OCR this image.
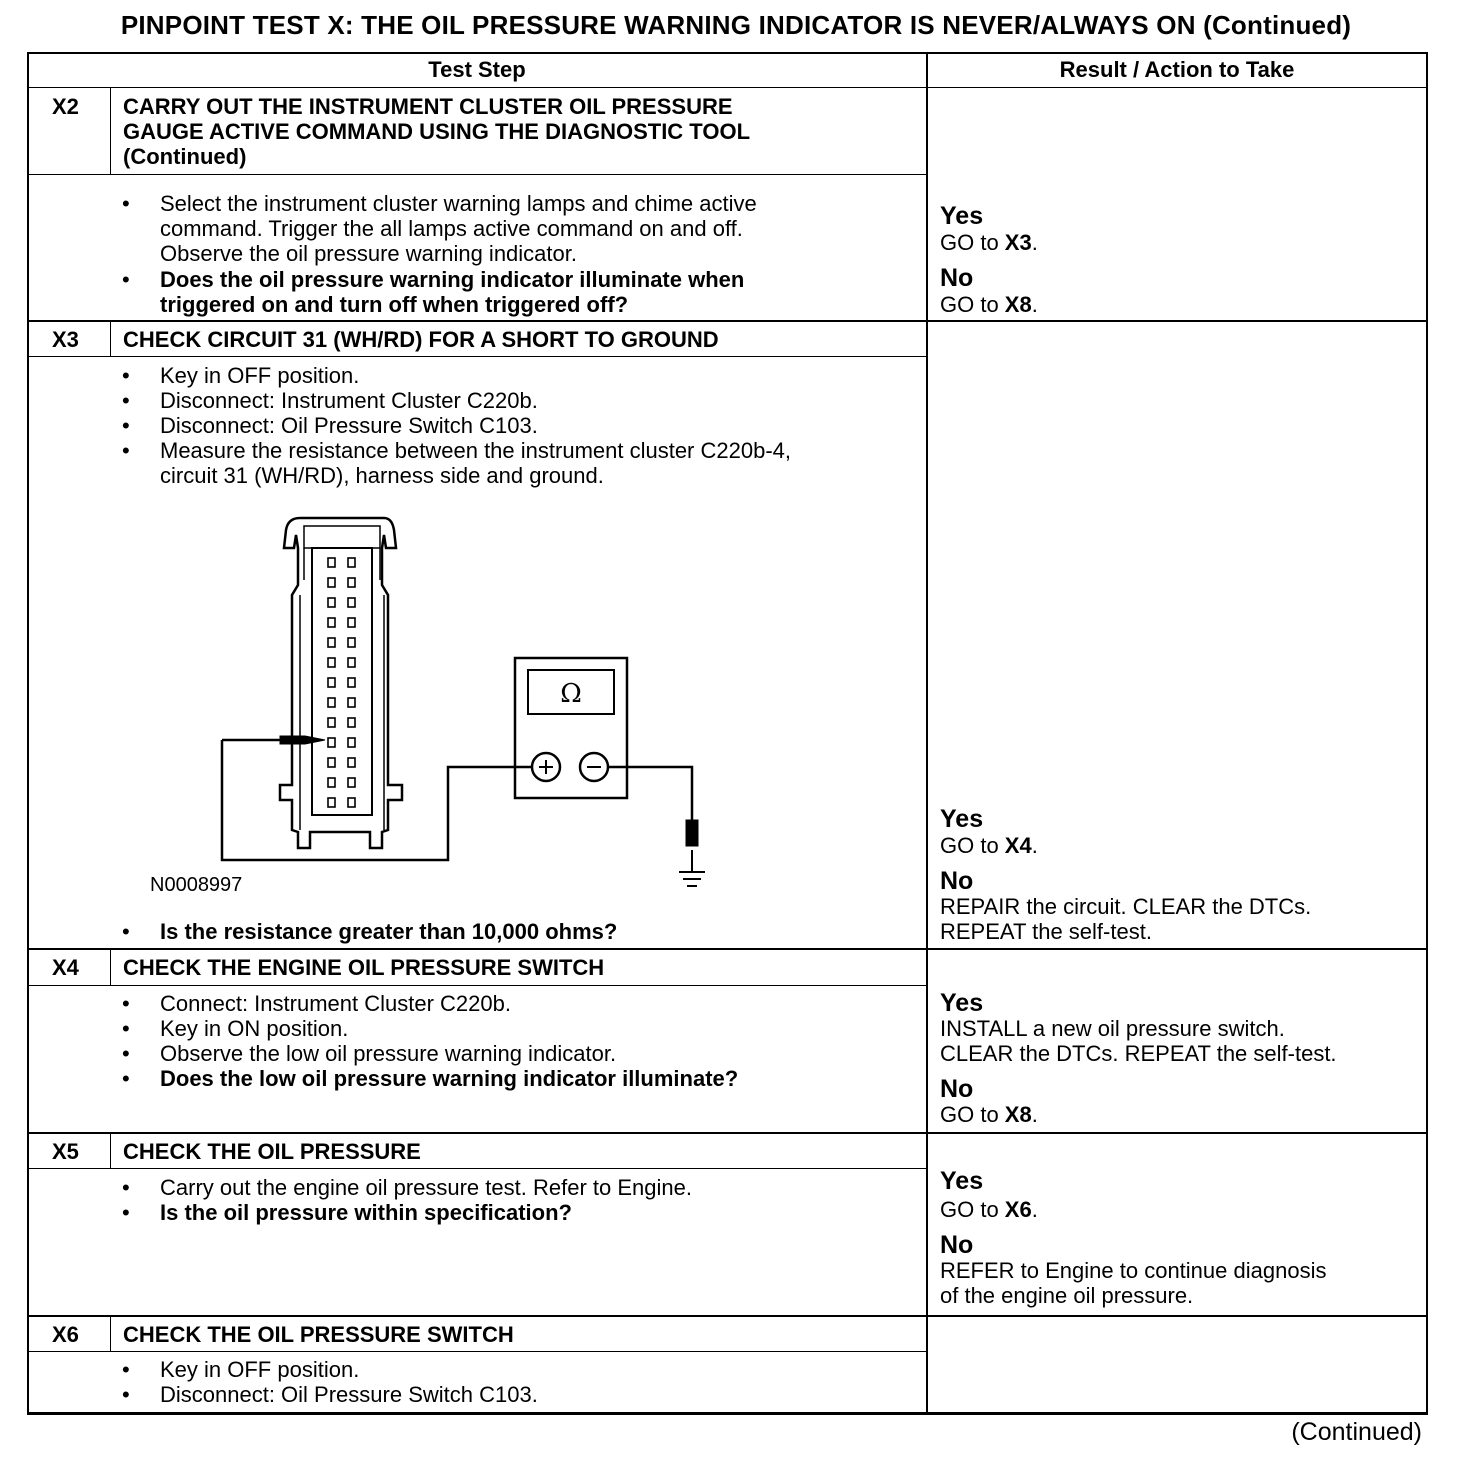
PINPOINT TEST X: THE OIL PRESSURE WARNING INDICATOR IS NEVER/ALWAYS ON (Continued)
Test Step	Result / Action to Take
X2 CARRY OUT THE INSTRUMENT CLUSTER OIL PRESSURE
GAUGE ACTIVE COMMAND USING THE DIAGNOSTIC TOOL
(Continued)
• Select the instrument cluster warning lamps and chime active
command. Trigger the all lamps active command on and off.
Observe the oil pressure warning indicator.
• Does the oil pressure warning indicator illuminate when
triggered on and turn off when triggered off?
Yes
GO to X3.
No
GO to X8.
X3 CHECK CIRCUIT 31 (WH/RD) FOR A SHORT TO GROUND
• Key in OFF position.
• Disconnect: Instrument Cluster C220b.
• Disconnect: Oil Pressure Switch C103.
• Measure the resistance between the instrument cluster C220b-4,
circuit 31 (WH/RD), harness side and ground.
Ω
N0008997
• Is the resistance greater than 10,000 ohms?
Yes
GO to X4.
No
REPAIR the circuit. CLEAR the DTCs.
REPEAT the self-test.
X4 CHECK THE ENGINE OIL PRESSURE SWITCH
• Connect: Instrument Cluster C220b.
• Key in ON position.
• Observe the low oil pressure warning indicator.
• Does the low oil pressure warning indicator illuminate?
Yes
INSTALL a new oil pressure switch.
CLEAR the DTCs. REPEAT the self-test.
No
GO to X8.
X5 CHECK THE OIL PRESSURE
• Carry out the engine oil pressure test. Refer to Engine.
• Is the oil pressure within specification?
Yes
GO to X6.
No
REFER to Engine to continue diagnosis
of the engine oil pressure.
X6 CHECK THE OIL PRESSURE SWITCH
• Key in OFF position.
• Disconnect: Oil Pressure Switch C103.
(Continued)
